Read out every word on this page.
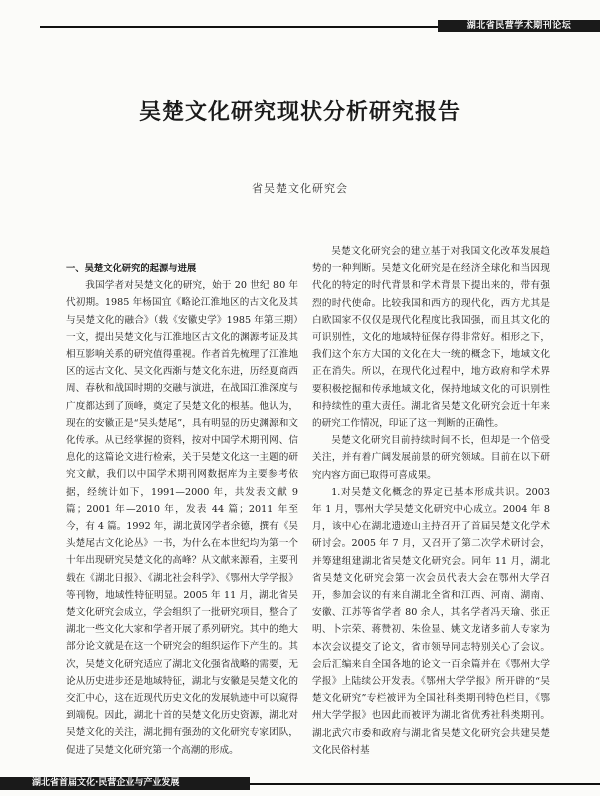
湖北省民营学术期刊论坛
吴楚文化研究现状分析研究报告
省吴楚文化研究会

一、吴楚文化研究的起源与进展

我国学者对吴楚文化的研究，始于 20 世纪 80 年代初期。1985 年杨国宜《略论江淮地区的古文化及其与吴楚文化的融合》（载《安徽史学》1985 年第三期）一文，提出吴楚文化与江淮地区古文化的渊源考证及其相互影响关系的研究值得重视。作者首先梳理了江淮地区的远古文化、吴文化西渐与楚文化东进，历经夏商西周、春秋和战国时期的交融与演进，在战国江淮深度与广度都达到了顶峰，奠定了吴楚文化的根基。他认为，现在的安徽正是“吴头楚尾”，具有明显的历史渊源和文化传承。从已经掌握的资料，按对中国学术期刊网、信息化的这篇论文进行检索，关于吴楚文化这一主题的研究文献，我们以中国学术期刊网数据库为主要参考依据，经统计如下，1991—2000 年，共发表文献 9 篇；2001 年—2010 年，发表 44 篇；2011 年至今，有 4 篇。1992 年，湖北黄冈学者余德，撰有《吴头楚尾古文化论丛》一书，为什么在本世纪均为第一个十年出现研究吴楚文化的高峰？从文献来源看，主要刊载在《湖北日报》、《湖北社会科学》、《鄂州大学学报》等刊物，地域性特征明显。2005 年 11 月，湖北省吴楚文化研究会成立，学会组织了一批研究项目，整合了湖北一些文化大家和学者开展了系列研究。其中的绝大部分论文就是在这一个研究会的组织运作下产生的。其次，吴楚文化研究适应了湖北文化强省战略的需要，无论从历史进步还是地域特征，湖北与安徽是吴楚文化的交汇中心，这在近现代历史文化的发展轨迹中可以窥得到端倪。因此，湖北十首的吴楚文化历史资源，湖北对吴楚文化的关注，湖北拥有强劲的文化研究专家团队，促进了吴楚文化研究第一个高潮的形成。

吴楚文化研究会的建立基于对我国文化改革发展趋势的一种判断。吴楚文化研究是在经济全球化和当因现代化的特定的时代背景和学术背景下提出来的，带有强烈的时代使命。比较我国和西方的现代化，西方尤其是白欧国家不仅仅是现代化程度比我国强，而且其文化的可识别性，文化的地域特征保存得非常好。相形之下，我们这个东方大国的文化在大一统的概念下，地域文化正在消失。所以，在现代化过程中，地方政府和学术界要积极挖掘和传承地域文化，保持地域文化的可识别性和持续性的重大责任。湖北省吴楚文化研究会近十年来的研究工作情况，印证了这一判断的正确性。

吴楚文化研究目前持续时间不长，但却是一个倍受关注，并有着广阔发展前景的研究领域。目前在以下研究内容方面已取得可喜成果。

1.对吴楚文化概念的界定已基本形成共识。2003 年 1 月，鄂州大学吴楚文化研究中心成立。2004 年 8 月，该中心在湖北遗迹山主持召开了首届吴楚文化学术研讨会。2005 年 7 月，又召开了第二次学术研讨会，并筹建组建湖北省吴楚文化研究会。同年 11 月，湖北省吴楚文化研究会第一次会员代表大会在鄂州大学召开，参加会议的有来自湖北全省和江西、河南、湖南、安徽、江苏等省学者 80 余人，其名学者冯天瑜、张正明、卜宗荣、蒋赞初、朱俭显、姚文龙诸多前人专家为本次会议提交了论文，省市领导同志特别关心了会议。会后汇编来自全国各地的论文一百余篇并在《鄂州大学学报》上陆续公开发表。《鄂州大学学报》所开辟的“吴楚文化研究”专栏被评为全国社科类期刊特色栏目，《鄂州大学学报》也因此而被评为湖北省优秀社科类期刊。湖北武穴市委和政府与湖北省吴楚文化研究会共建吴楚文化民俗村基

湖北省首届文化·民营企业与产业发展
